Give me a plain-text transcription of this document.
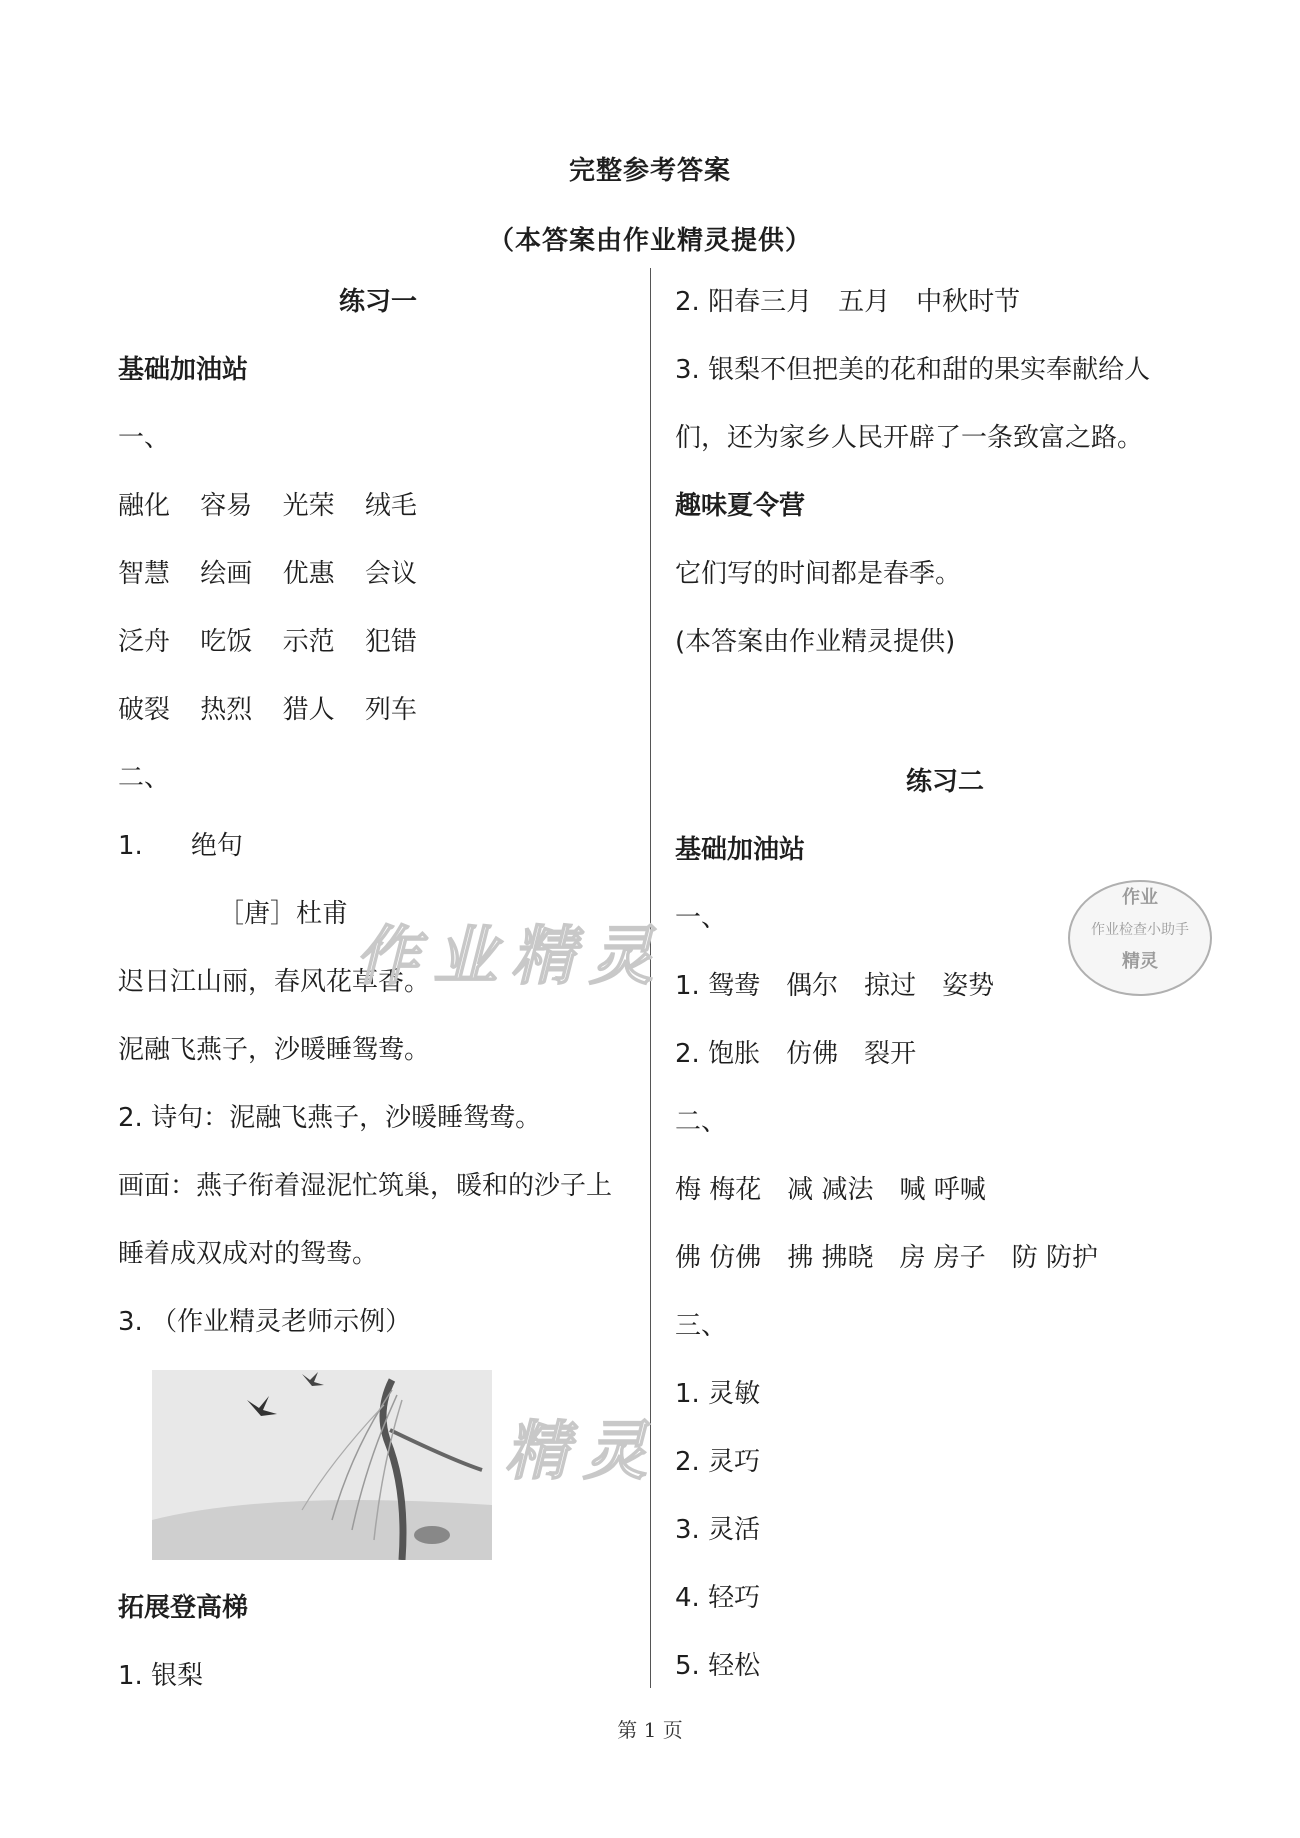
完整参考答案
（本答案由作业精灵提供）
练习一
基础加油站
一、
融化 容易 光荣 绒毛
智慧 绘画 优惠 会议
泛舟 吃饭 示范 犯错
破裂 热烈 猎人 列车
二、
1. 绝句
［唐］杜甫
迟日江山丽，春风花草香。
泥融飞燕子，沙暖睡鸳鸯。
2. 诗句：泥融飞燕子，沙暖睡鸳鸯。
画面：燕子衔着湿泥忙筑巢，暖和的沙子上
睡着成双成对的鸳鸯。
3. （作业精灵老师示例）
拓展登高梯
1. 银梨
作业精灵
精灵
2. 阳春三月　五月　中秋时节
3. 银梨不但把美的花和甜的果实奉献给人
们，还为家乡人民开辟了一条致富之路。
趣味夏令营
它们写的时间都是春季。
(本答案由作业精灵提供)
练习二
基础加油站
一、
1. 鸳鸯　偶尔　掠过　姿势
2. 饱胀　仿佛　裂开
二、
梅 梅花　减 减法　喊 呼喊
佛 仿佛　拂 拂晓　房 房子　防 防护
三、
1. 灵敏
2. 灵巧
3. 灵活
4. 轻巧
5. 轻松
作业
作业检查小助手
精灵
第 1 页
